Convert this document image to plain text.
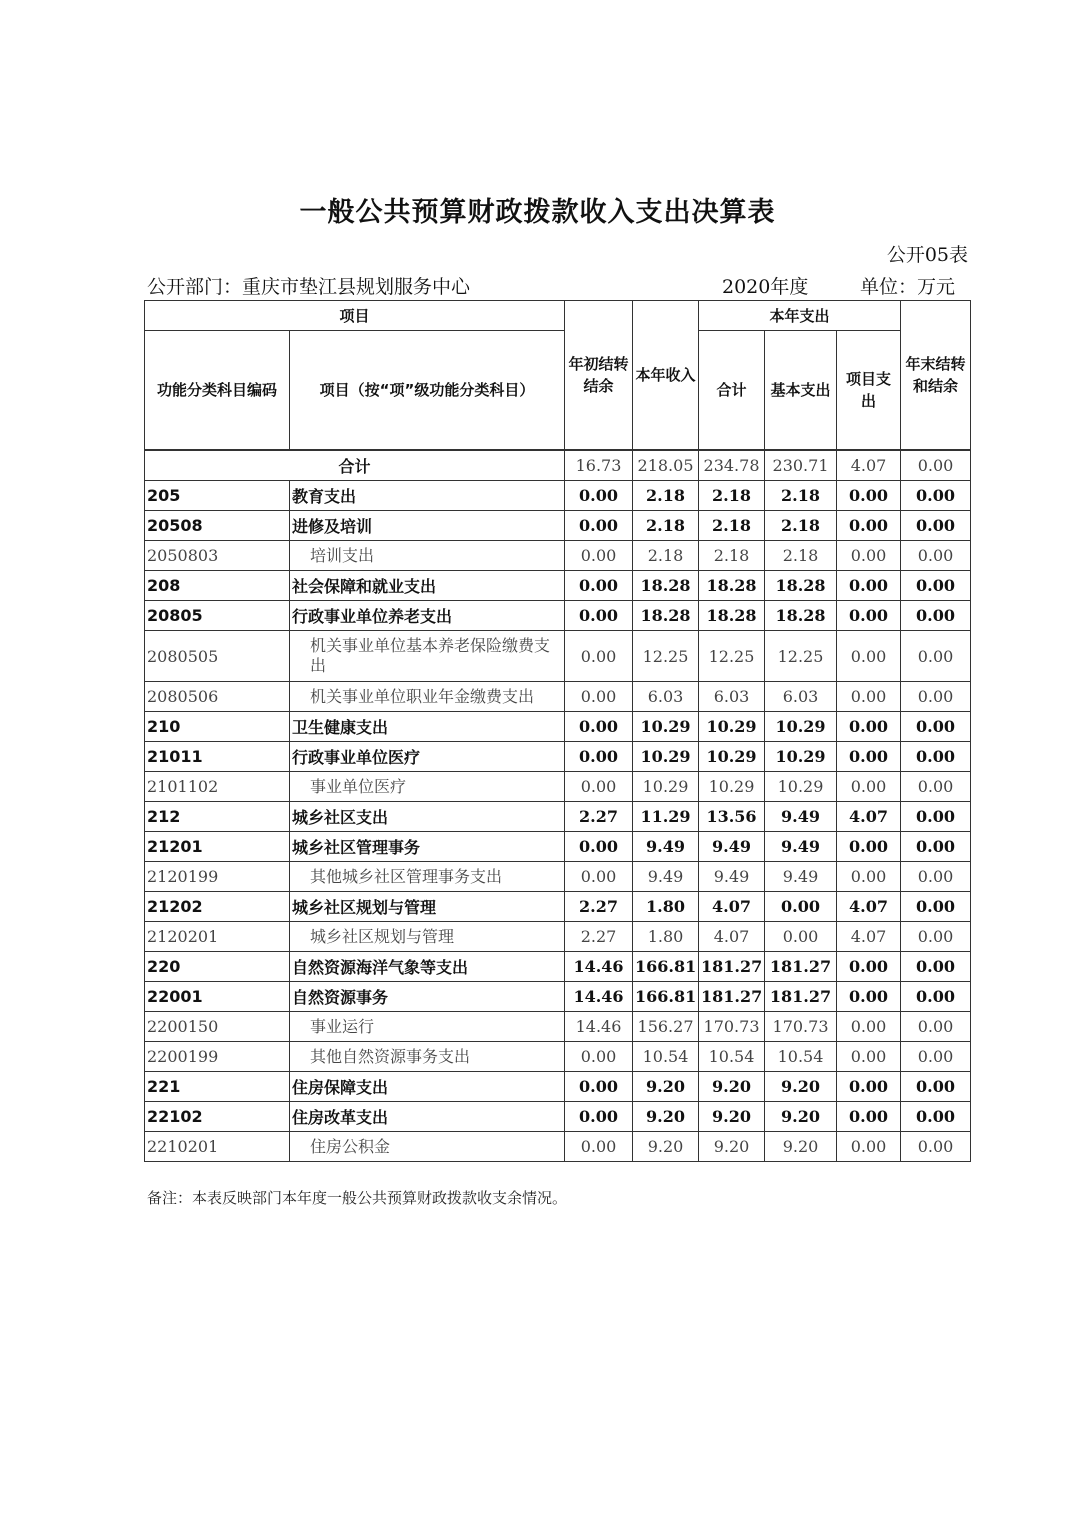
一般公共预算财政拨款收入支出决算表
公开05表
公开部门：重庆市垫江县规划服务中心	2020年度	单位：万元
项目		年初结转结余	本年收入	本年支出			年末结转和结余
功能分类科目编码	项目（按“项”级功能分类科目）			合计	基本支出	项目支出	

合计		16.73	218.05	234.78	230.71	4.07	0.00
205	教育支出	0.00	2.18	2.18	2.18	0.00	0.00
20508	进修及培训	0.00	2.18	2.18	2.18	0.00	0.00
2050803	培训支出	0.00	2.18	2.18	2.18	0.00	0.00
208	社会保障和就业支出	0.00	18.28	18.28	18.28	0.00	0.00
20805	行政事业单位养老支出	0.00	18.28	18.28	18.28	0.00	0.00
2080505	机关事业单位基本养老保险缴费支出	0.00	12.25	12.25	12.25	0.00	0.00
2080506	机关事业单位职业年金缴费支出	0.00	6.03	6.03	6.03	0.00	0.00
210	卫生健康支出	0.00	10.29	10.29	10.29	0.00	0.00
21011	行政事业单位医疗	0.00	10.29	10.29	10.29	0.00	0.00
2101102	事业单位医疗	0.00	10.29	10.29	10.29	0.00	0.00
212	城乡社区支出	2.27	11.29	13.56	9.49	4.07	0.00
21201	城乡社区管理事务	0.00	9.49	9.49	9.49	0.00	0.00
2120199	其他城乡社区管理事务支出	0.00	9.49	9.49	9.49	0.00	0.00
21202	城乡社区规划与管理	2.27	1.80	4.07	0.00	4.07	0.00
2120201	城乡社区规划与管理	2.27	1.80	4.07	0.00	4.07	0.00
220	自然资源海洋气象等支出	14.46	166.81	181.27	181.27	0.00	0.00
22001	自然资源事务	14.46	166.81	181.27	181.27	0.00	0.00
2200150	事业运行	14.46	156.27	170.73	170.73	0.00	0.00
2200199	其他自然资源事务支出	0.00	10.54	10.54	10.54	0.00	0.00
221	住房保障支出	0.00	9.20	9.20	9.20	0.00	0.00
22102	住房改革支出	0.00	9.20	9.20	9.20	0.00	0.00
2210201	住房公积金	0.00	9.20	9.20	9.20	0.00	0.00
备注：本表反映部门本年度一般公共预算财政拨款收支余情况。
